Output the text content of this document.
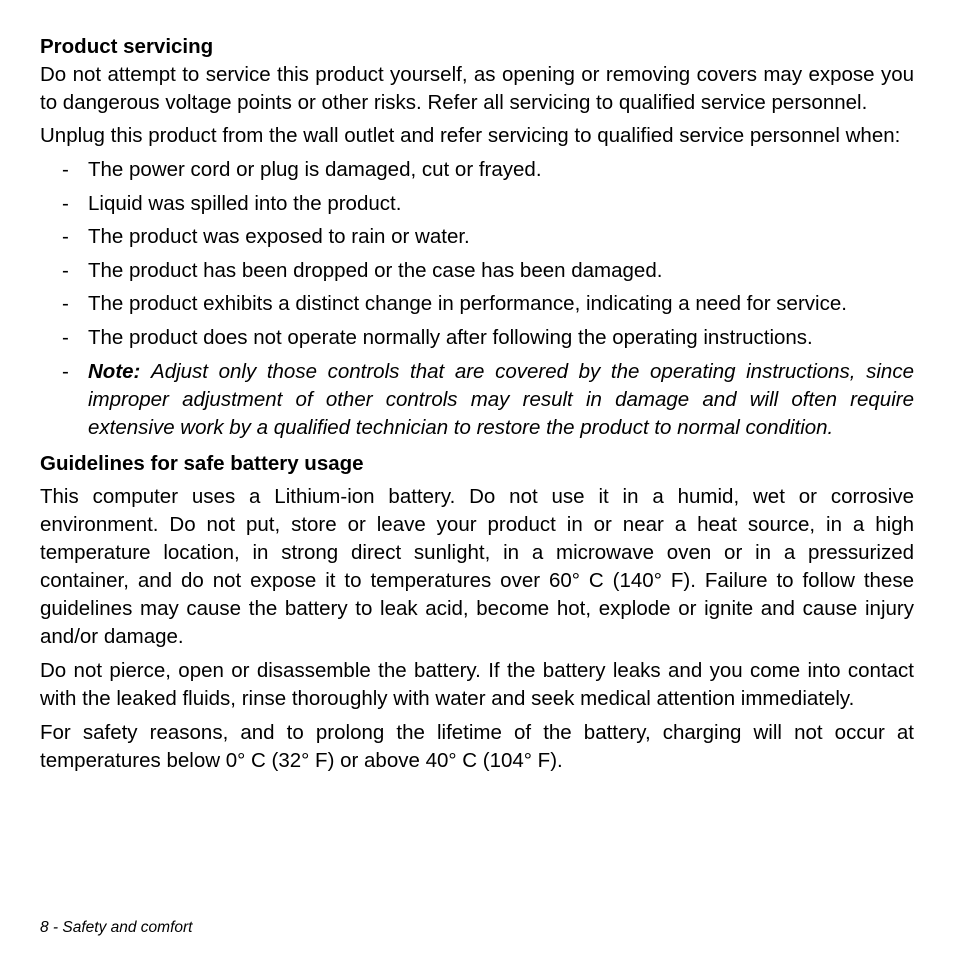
Product servicing

Do not attempt to service this product yourself, as opening or removing covers may expose you to dangerous voltage points or other risks. Refer all servicing to qualified service personnel.

Unplug this product from the wall outlet and refer servicing to qualified service personnel when:

- The power cord or plug is damaged, cut or frayed.
- Liquid was spilled into the product.
- The product was exposed to rain or water.
- The product has been dropped or the case has been damaged.
- The product exhibits a distinct change in performance, indicating a need for service.
- The product does not operate normally after following the operating instructions.
- Note: Adjust only those controls that are covered by the operating instructions, since improper adjustment of other controls may result in damage and will often require extensive work by a qualified technician to restore the product to normal condition.
Guidelines for safe battery usage

This computer uses a Lithium-ion battery. Do not use it in a humid, wet or corrosive environment. Do not put, store or leave your product in or near a heat source, in a high temperature location, in strong direct sunlight, in a microwave oven or in a pressurized container, and do not expose it to temperatures over 60° C (140° F). Failure to follow these guidelines may cause the battery to leak acid, become hot, explode or ignite and cause injury and/or damage.

Do not pierce, open or disassemble the battery. If the battery leaks and you come into contact with the leaked fluids, rinse thoroughly with water and seek medical attention immediately.

For safety reasons, and to prolong the lifetime of the battery, charging will not occur at temperatures below 0° C (32° F) or above 40° C (104° F).

8 - Safety and comfort
